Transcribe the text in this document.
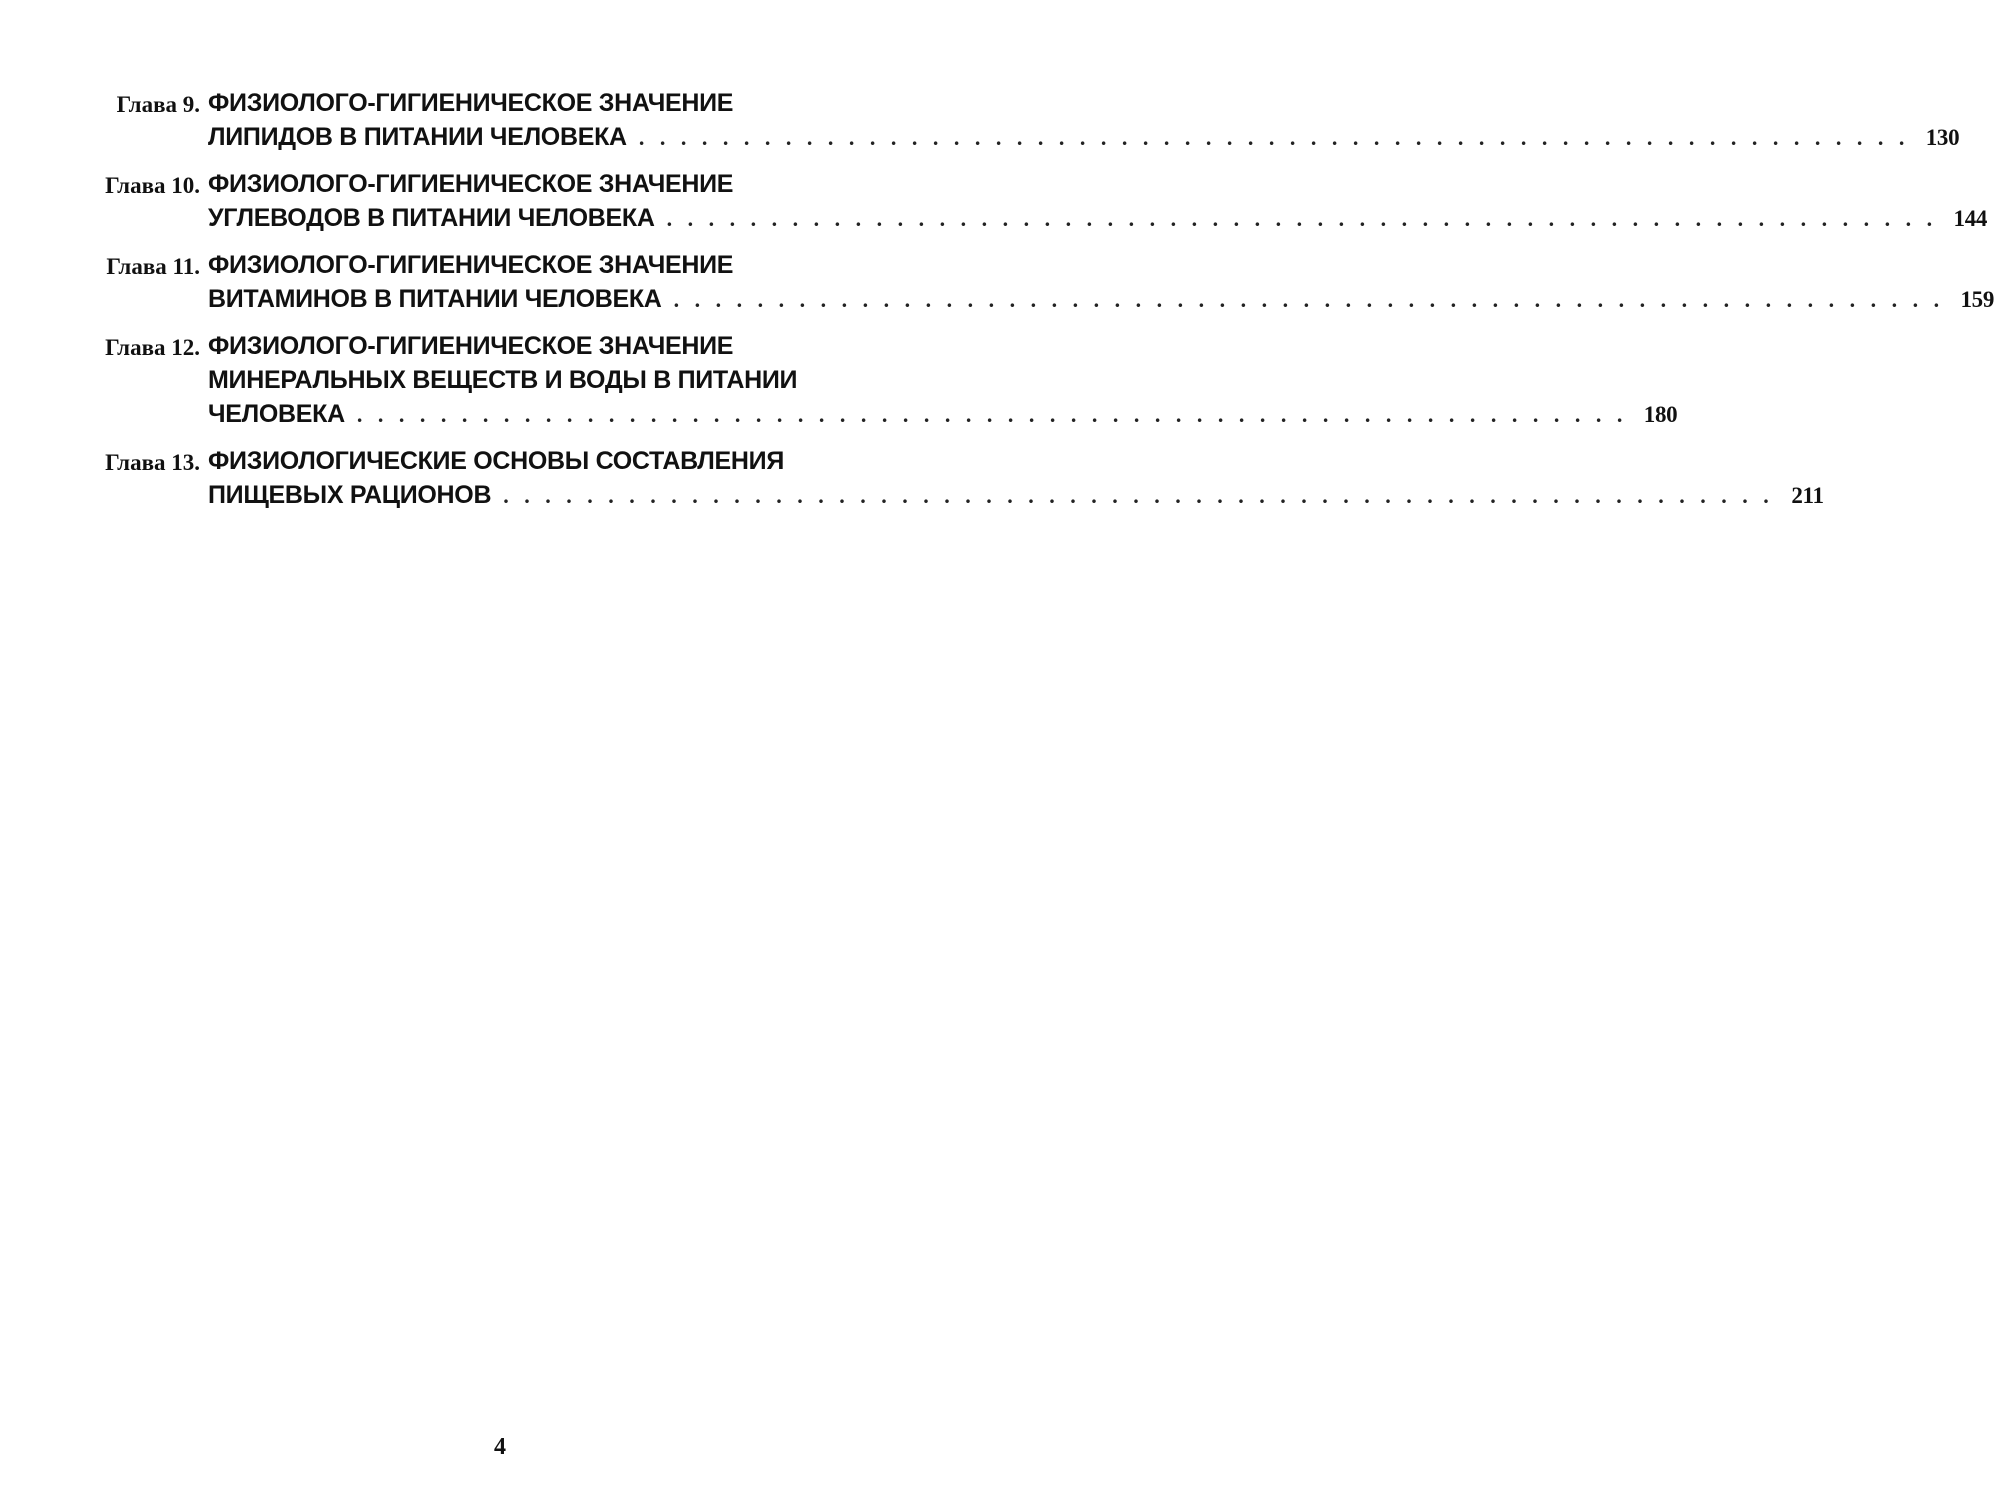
Глава 9. ФИЗИОЛОГО-ГИГИЕНИЧЕСКОЕ ЗНАЧЕНИЕ
ЛИПИДОВ В ПИТАНИИ ЧЕЛОВЕКА . . . . . . . . . . . . . . . . . . . . . . . . . . . . . . . . . . . . . . . . . . . . . . . . . . . . . . . . . . . . . 130
Глава 10. ФИЗИОЛОГО-ГИГИЕНИЧЕСКОЕ ЗНАЧЕНИЕ
УГЛЕВОДОВ В ПИТАНИИ ЧЕЛОВЕКА . . . . . . . . . . . . . . . . . . . . . . . . . . . . . . . . . . . . . . . . . . . . . . . . . . . . . . . . . . . . . 144
Глава 11. ФИЗИОЛОГО-ГИГИЕНИЧЕСКОЕ ЗНАЧЕНИЕ
ВИТАМИНОВ В ПИТАНИИ ЧЕЛОВЕКА . . . . . . . . . . . . . . . . . . . . . . . . . . . . . . . . . . . . . . . . . . . . . . . . . . . . . . . . . . . . . 159
Глава 12. ФИЗИОЛОГО-ГИГИЕНИЧЕСКОЕ ЗНАЧЕНИЕ
МИНЕРАЛЬНЫХ ВЕЩЕСТВ И ВОДЫ В ПИТАНИИ
ЧЕЛОВЕКА . . . . . . . . . . . . . . . . . . . . . . . . . . . . . . . . . . . . . . . . . . . . . . . . . . . . . . . . . . . . . 180
Глава 13. ФИЗИОЛОГИЧЕСКИЕ ОСНОВЫ СОСТАВЛЕНИЯ
ПИЩЕВЫХ РАЦИОНОВ . . . . . . . . . . . . . . . . . . . . . . . . . . . . . . . . . . . . . . . . . . . . . . . . . . . . . . . . . . . . . 211
4
